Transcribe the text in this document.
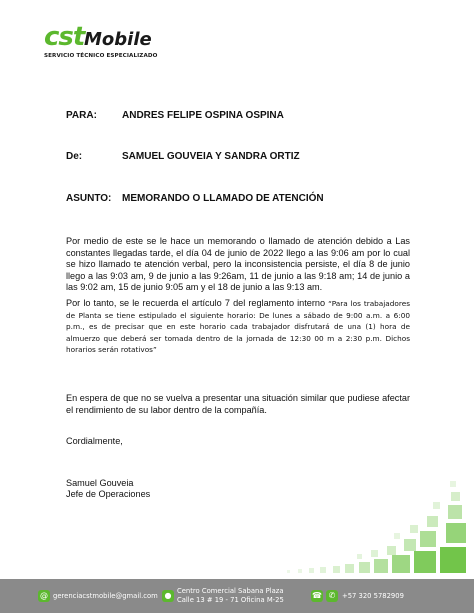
cst Mobile
SERVICIO TÉCNICO ESPECIALIZADO
PARA:	ANDRES FELIPE OSPINA OSPINA
De:	SAMUEL GOUVEIA Y SANDRA ORTIZ
ASUNTO: MEMORANDO O LLAMADO DE ATENCIÓN

Por medio de este se le hace un memorando o llamado de atención debido a Las constantes llegadas tarde, el día 04 de junio de 2022 llego a las 9:06 am por lo cual se hizo llamado te atención verbal, pero la inconsistencia persiste, el día 8 de junio llego a las 9:03 am, 9 de junio a las 9:26am, 11 de junio a las 9:18 am; 14 de junio a las 9:02 am, 15 de junio 9:05 am y el 18 de junio a las 9:13 am.

Por lo tanto, se le recuerda el artículo 7 del reglamento interno “Para los trabajadores de Planta se tiene estipulado el siguiente horario: De lunes a sábado de 9:00 a.m. a 6:00 p.m., es de precisar que en este horario cada trabajador disfrutará de una (1) hora de almuerzo que deberá ser tomada dentro de la jornada de 12:30 00 m a 2:30 p.m. Dichos horarios serán rotativos”

En espera de que no se vuelva a presentar una situación similar que pudiese afectar el rendimiento de su labor dentro de la compañía.

Cordialmente,
Samuel Gouveia
Jefe de Operaciones
@ gerenciacstmobile@gmail.com ● Centro Comercial Sabana Plaza
Calle 13 # 19 - 71 Oficina M-25	☎ ✆ +57 320 5782909
